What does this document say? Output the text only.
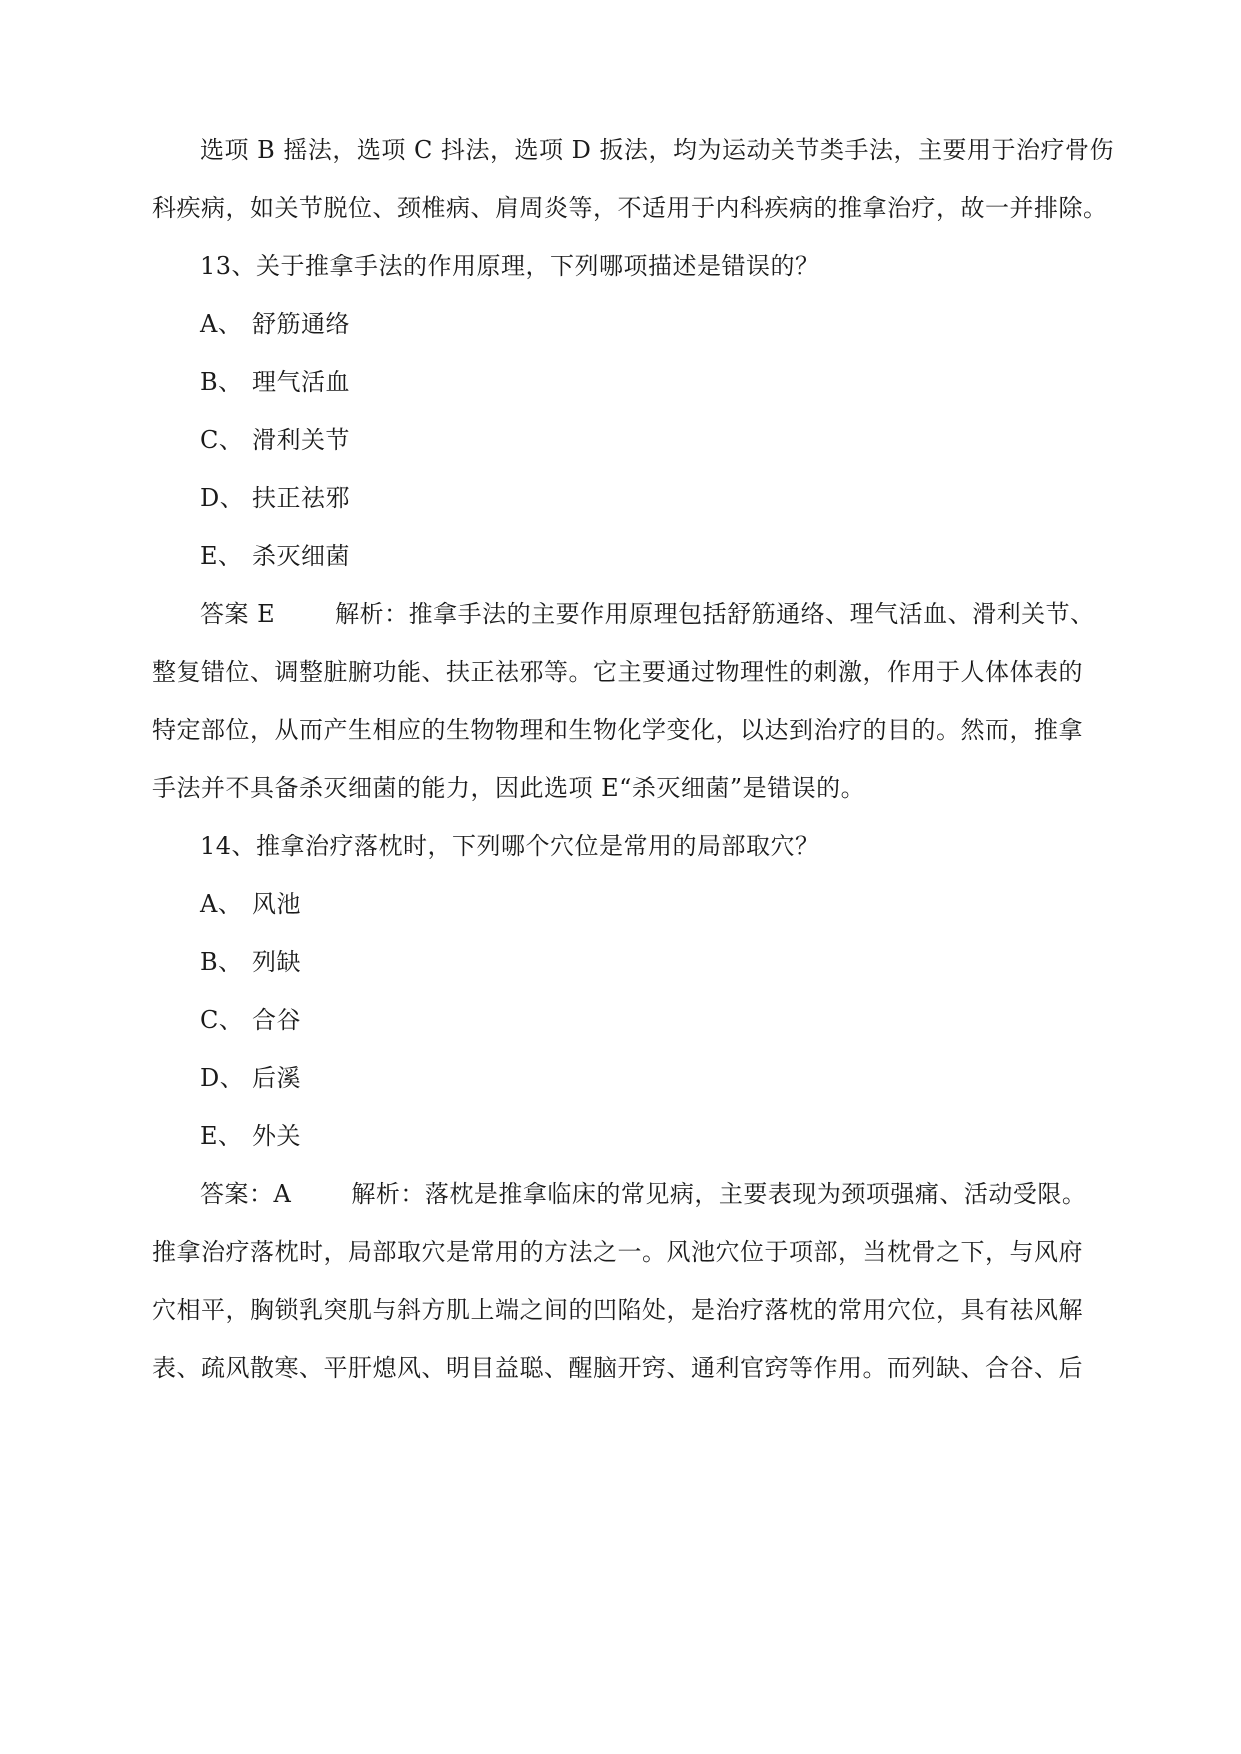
选项 B 摇法，选项 C 抖法，选项 D 扳法，均为运动关节类手法，主要用于治疗骨伤
科疾病，如关节脱位、颈椎病、肩周炎等，不适用于内科疾病的推拿治疗，故一并排除。
13、关于推拿手法的作用原理，下列哪项描述是错误的？
A、 舒筋通络
B、 理气活血
C、 滑利关节
D、 扶正祛邪
E、 杀灭细菌
答案 E	解析：推拿手法的主要作用原理包括舒筋通络、理气活血、滑利关节、
整复错位、调整脏腑功能、扶正祛邪等。它主要通过物理性的刺激，作用于人体体表的
特定部位，从而产生相应的生物物理和生物化学变化，以达到治疗的目的。然而，推拿
手法并不具备杀灭细菌的能力，因此选项 E“杀灭细菌”是错误的。
14、推拿治疗落枕时，下列哪个穴位是常用的局部取穴？
A、 风池
B、 列缺
C、 合谷
D、 后溪
E、 外关
答案：A	解析：落枕是推拿临床的常见病，主要表现为颈项强痛、活动受限。
推拿治疗落枕时，局部取穴是常用的方法之一。风池穴位于项部，当枕骨之下，与风府
穴相平，胸锁乳突肌与斜方肌上端之间的凹陷处，是治疗落枕的常用穴位，具有祛风解
表、疏风散寒、平肝熄风、明目益聪、醒脑开窍、通利官窍等作用。而列缺、合谷、后
